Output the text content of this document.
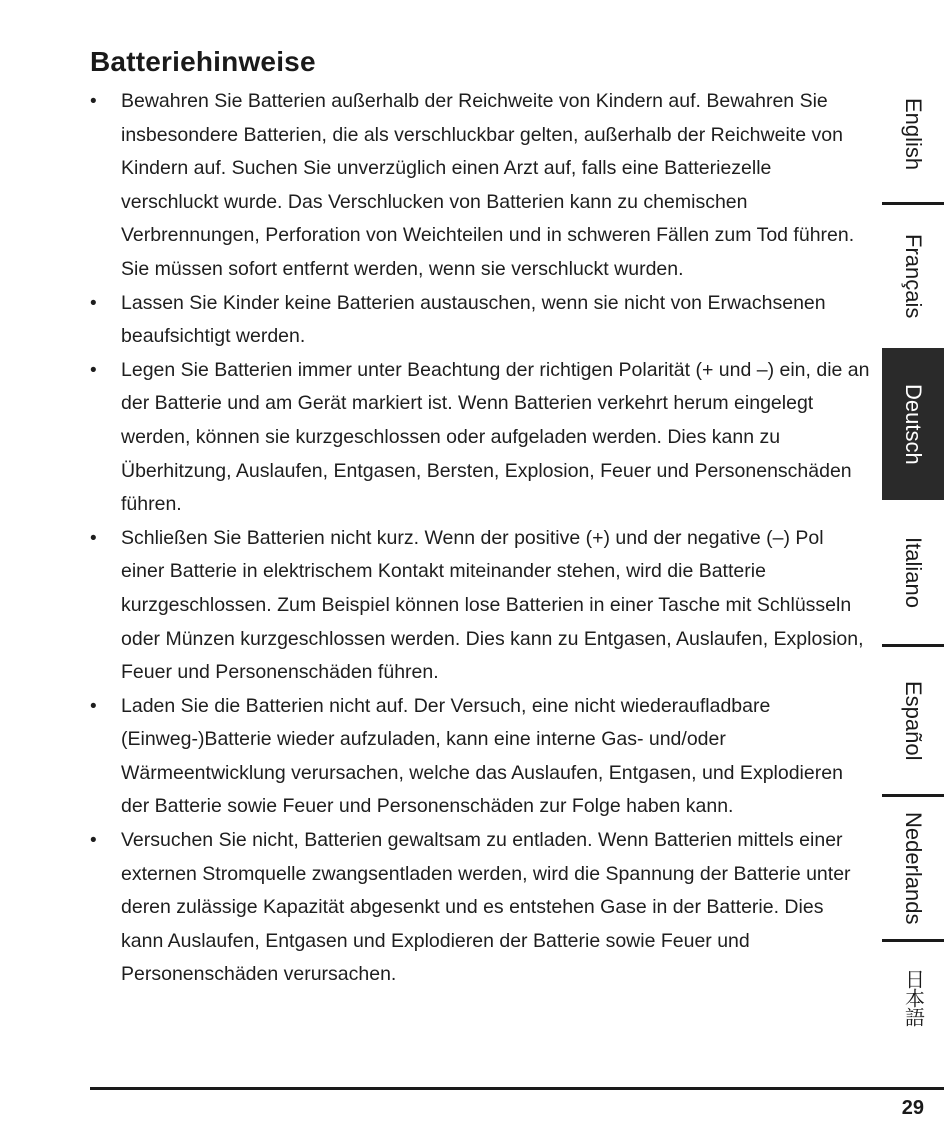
Batteriehinweise
• Bewahren Sie Batterien außerhalb der Reichweite von Kindern auf. Bewahren Sie insbesondere Batterien, die als verschluckbar gelten, außerhalb der Reichweite von Kindern auf. Suchen Sie unverzüglich einen Arzt auf, falls eine Batteriezelle verschluckt wurde. Das Verschlucken von Batterien kann zu chemischen Verbrennungen, Perforation von Weichteilen und in schweren Fällen zum Tod führen. Sie müssen sofort entfernt werden, wenn sie verschluckt wurden.
• Lassen Sie Kinder keine Batterien austauschen, wenn sie nicht von Erwachsenen beaufsichtigt werden.
• Legen Sie Batterien immer unter Beachtung der richtigen Polarität (+ und –) ein, die an der Batterie und am Gerät markiert ist. Wenn Batterien verkehrt herum eingelegt werden, können sie kurzgeschlossen oder aufgeladen werden. Dies kann zu Überhitzung, Auslaufen, Entgasen, Bersten, Explosion, Feuer und Personenschäden führen.
• Schließen Sie Batterien nicht kurz. Wenn der positive (+) und der negative (–) Pol einer Batterie in elektrischem Kontakt miteinander stehen, wird die Batterie kurzgeschlossen. Zum Beispiel können lose Batterien in einer Tasche mit Schlüsseln oder Münzen kurzgeschlossen werden. Dies kann zu Entgasen, Auslaufen, Explosion, Feuer und Personenschäden führen.
• Laden Sie die Batterien nicht auf. Der Versuch, eine nicht wiederaufladbare (Einweg-)Batterie wieder aufzuladen, kann eine interne Gas- und/oder Wärmeentwicklung verursachen, welche das Auslaufen, Entgasen, und Explodieren der Batterie sowie Feuer und Personenschäden zur Folge haben kann.
• Versuchen Sie nicht, Batterien gewaltsam zu entladen. Wenn Batterien mittels einer externen Stromquelle zwangsentladen werden, wird die Spannung der Batterie unter deren zulässige Kapazität abgesenkt und es entstehen Gase in der Batterie. Dies kann Auslaufen, Entgasen und Explodieren der Batterie sowie Feuer und Personenschäden verursachen.
English
Français
Deutsch
Italiano
Español
Nederlands
日本語
29
